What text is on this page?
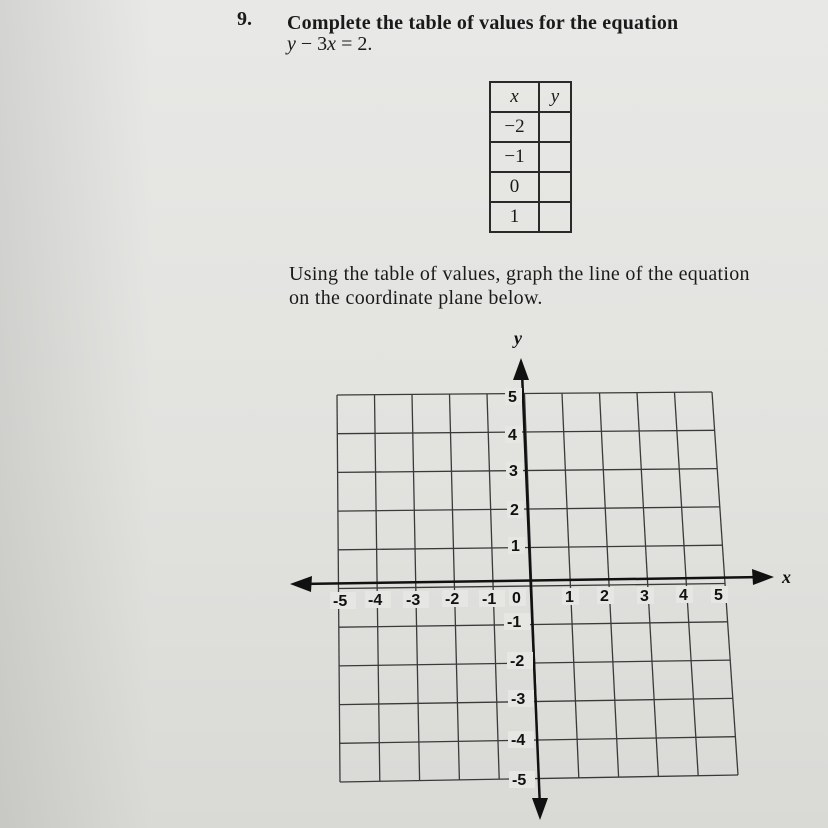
9. Complete the table of values for the equation
y − 3x = 2.
x	y
−2	
−1	
0	
1	
Using the table of values, graph the line of the equation on the coordinate plane below.
-5 -4 -3 -2 -1 0	1 2 3 4 5
5
4
3
2
1
-1
-2
-3
-4
-5
y
x
